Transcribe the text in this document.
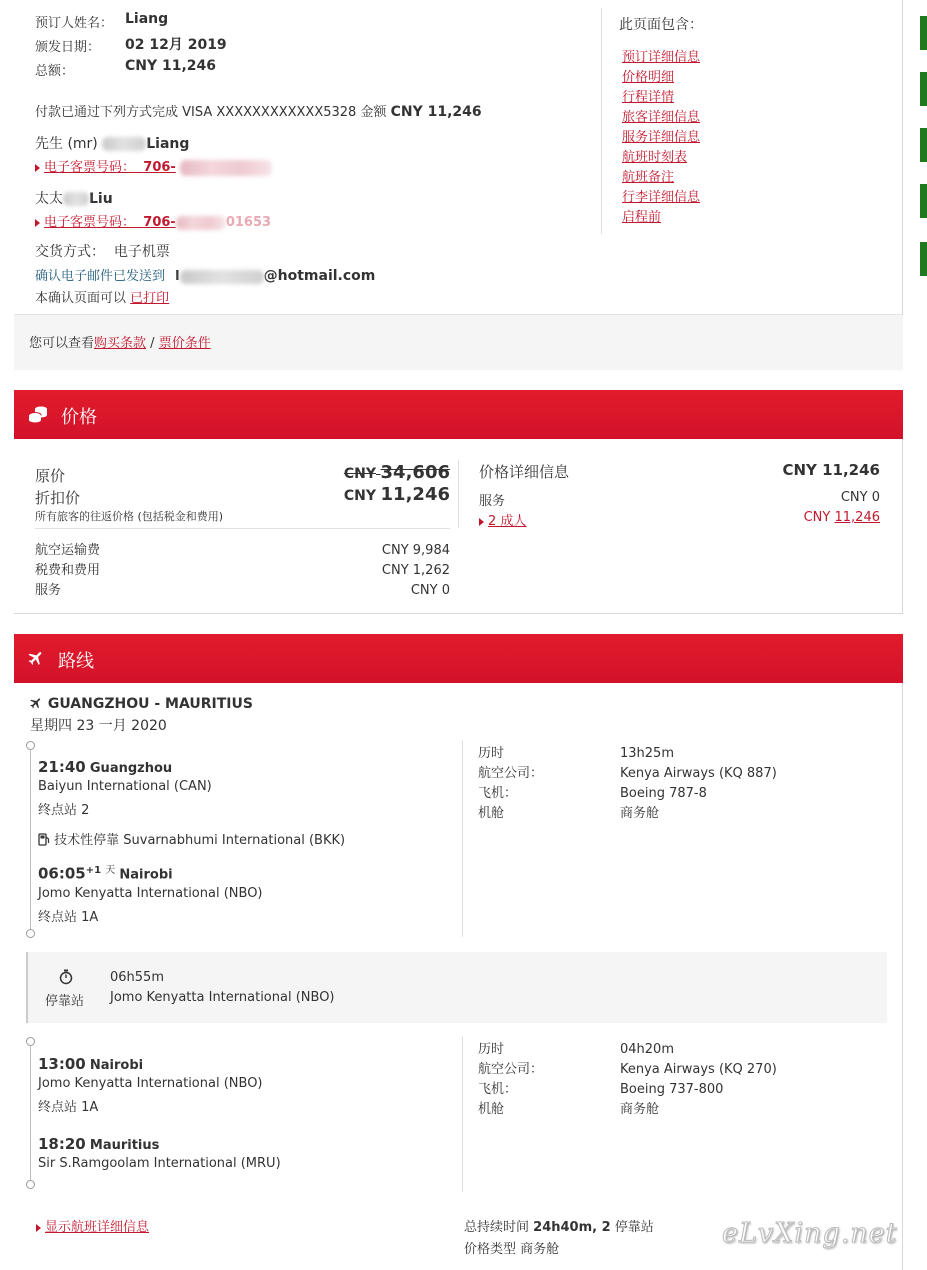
预订人姓名： Liang
颁发日期： 02 12月 2019
总额：	CNY 11,246
付款已通过下列方式完成 VISA XXXXXXXXXXXX5328 金额 CNY 11,246
先生 (mr)	Liang
电子客票号码： 706-
太太 Liu
电子客票号码： 706-	01653
交货方式： 电子机票
确认电子邮件已发送到 l	@hotmail.com
本确认页面可以 已打印
此页面包含：
预订详细信息
价格明细
行程详情
旅客详细信息
服务详细信息
航班时刻表
航班备注
行李详细信息
启程前
您可以查看购买条款 / 票价条件
价格
原价	CNY 34,606
折扣价	CNY 11,246
所有旅客的往返价格 (包括税金和费用)
航空运输费	CNY 9,984
税费和费用	CNY 1,262
服务	CNY 0
价格详细信息	CNY 11,246
服务	CNY 0
2 成人	CNY 11,246
路线
GUANGZHOU - MAURITIUS
星期四 23 一月 2020
21:40 Guangzhou
Baiyun International (CAN)
终点站 2
技术性停靠 Suvarnabhumi International (BKK)
$06:05^{+1}$ $^天$ Nairobi
Jomo Kenyatta International (NBO)
终点站 1A
历时	13h25m
航空公司：	Kenya Airways (KQ 887)
飞机：	Boeing 787-8
机舱	商务舱
停靠站
06h55m
Jomo Kenyatta International (NBO)
13:00 Nairobi
Jomo Kenyatta International (NBO)
终点站 1A
18:20 Mauritius
Sir S.Ramgoolam International (MRU)
历时	04h20m
航空公司：	Kenya Airways (KQ 270)
飞机：	Boeing 737-800
机舱	商务舱
显示航班详细信息	总持续时间 24h40m, 2 停靠站
价格类型 商务舱
eLvXing.net
